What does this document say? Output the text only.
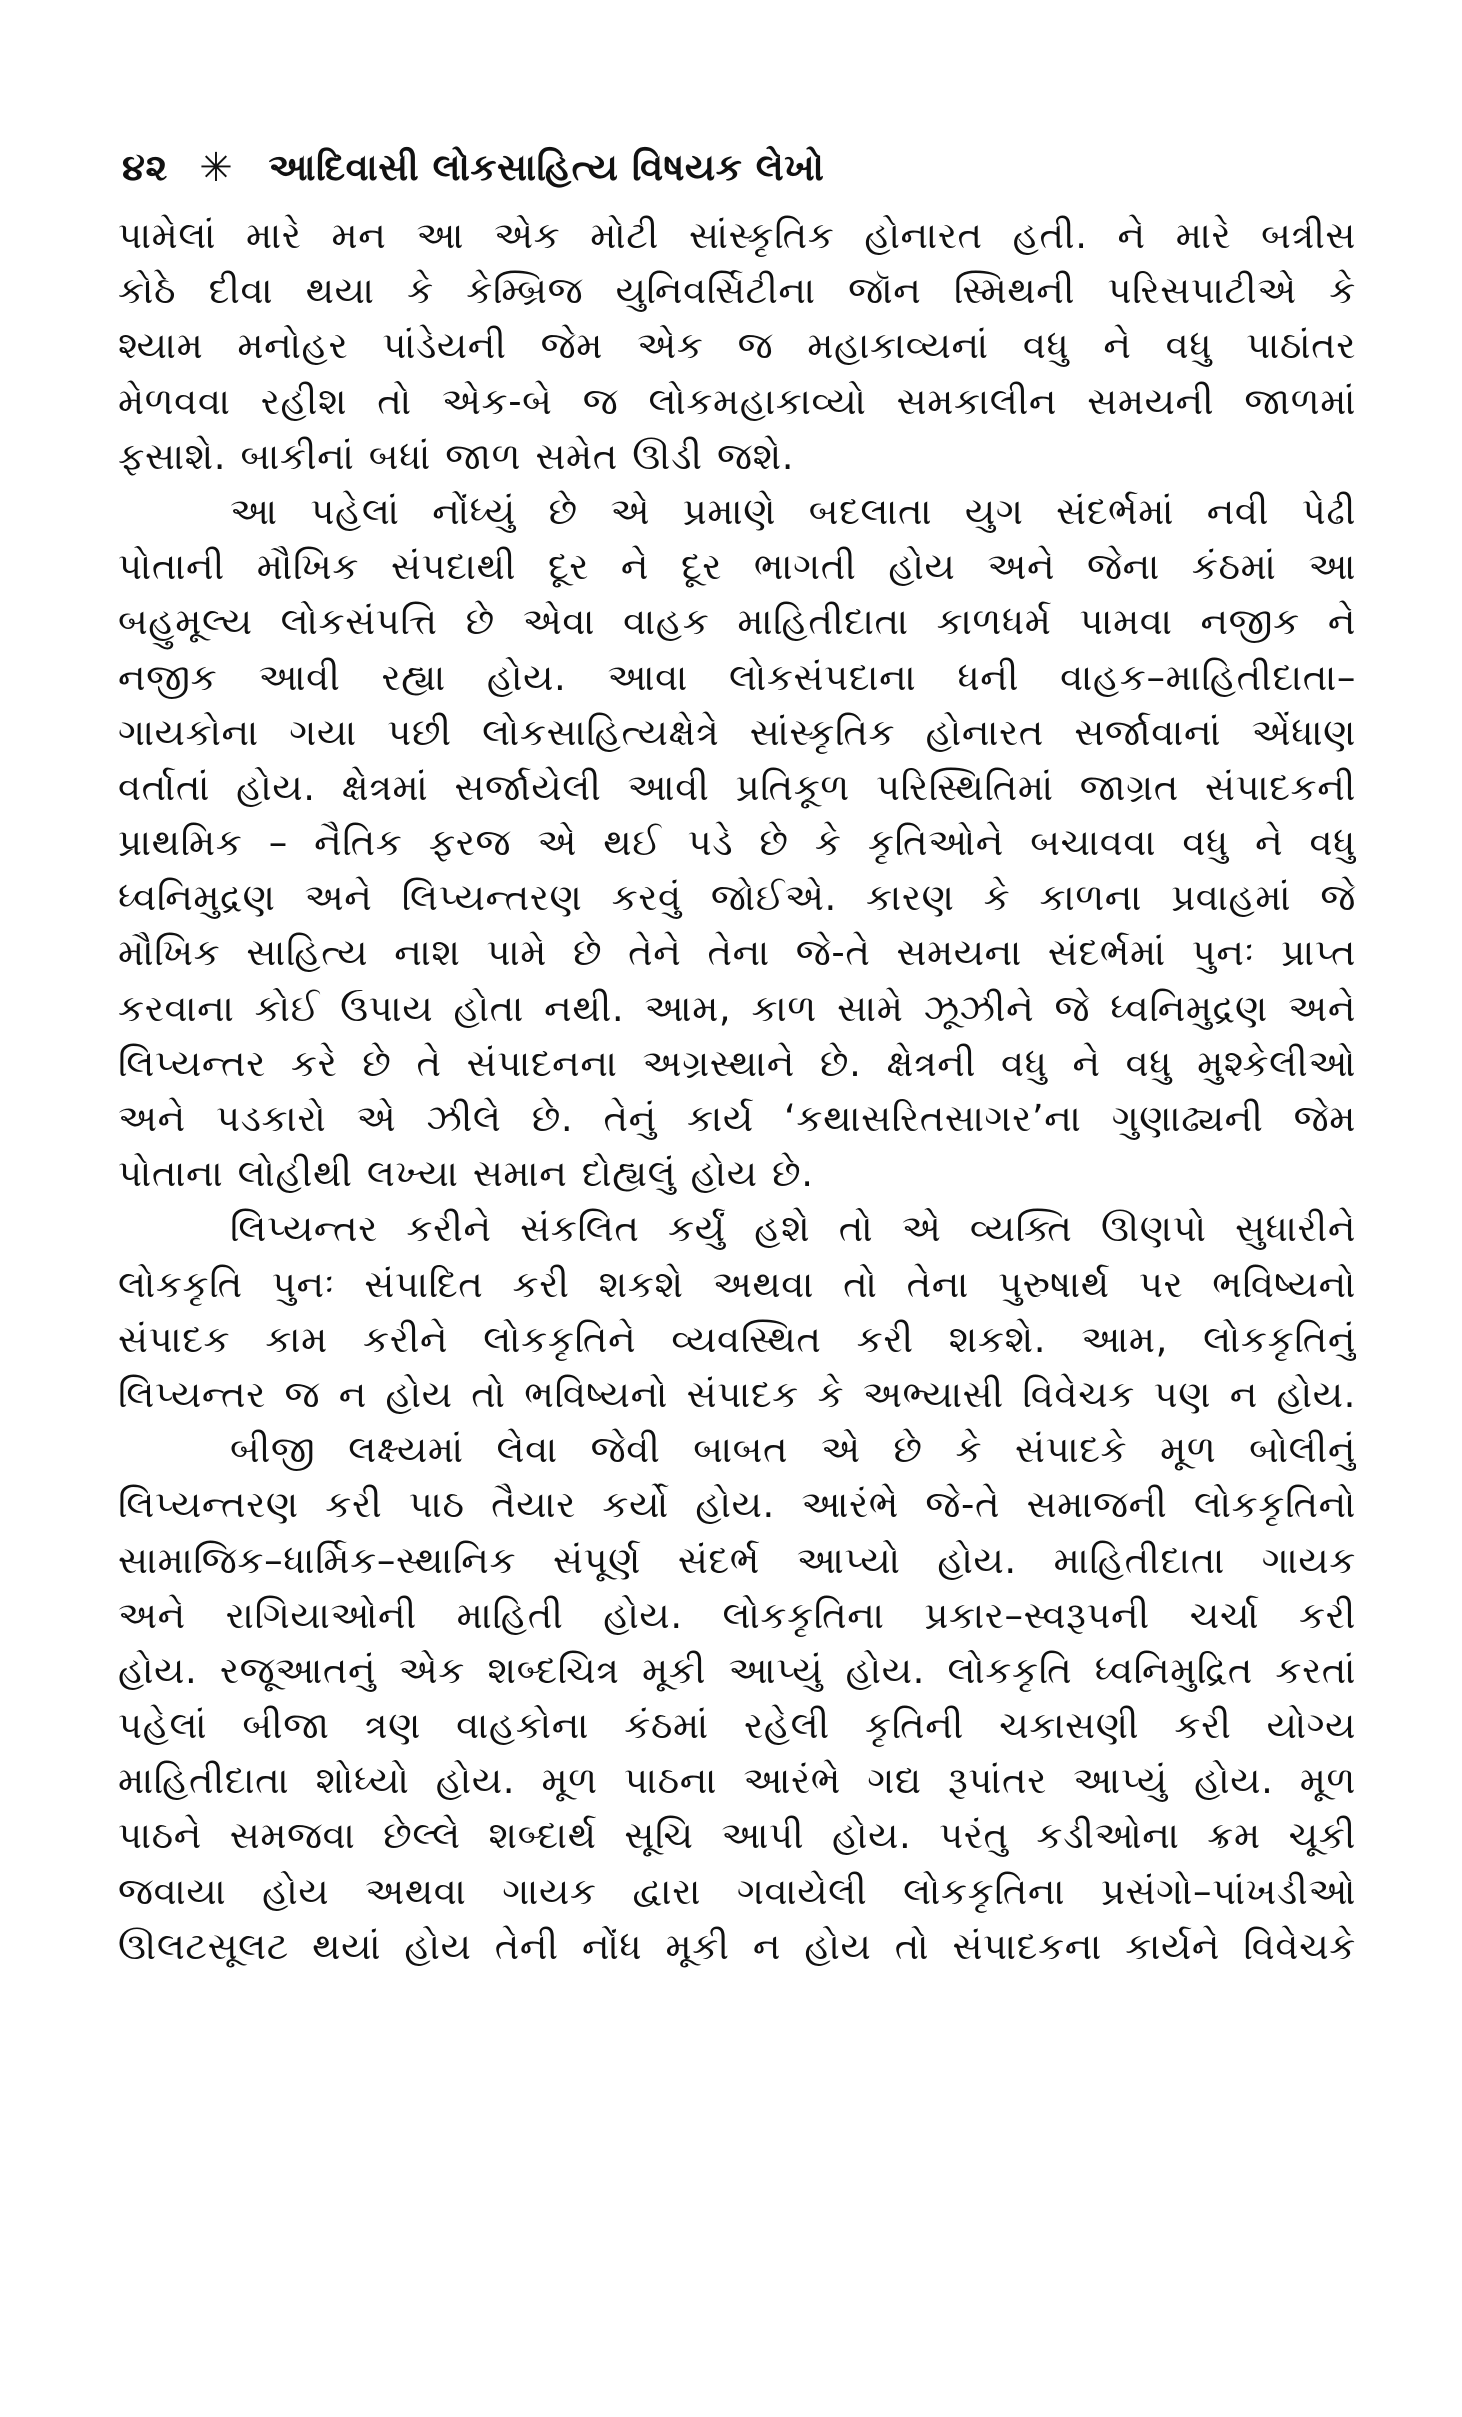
૪૨ ✳ આદિવાસી લોકસાહિત્ય વિષયક લેખો
પામેલાં મારે મન આ એક મોટી સાંસ્કૃતિક હોનારત હતી. ને મારે બત્રીસ
કોઠે દીવા થયા કે કેમ્બ્રિજ યુનિવર્સિટીના જૉન સ્મિથની પરિસપાટીએ કે
શ્યામ મનોહર પાંડેયની જેમ એક જ મહાકાવ્યનાં વધુ ને વધુ પાઠાંતર
મેળવવા રહીશ તો એક-બે જ લોકમહાકાવ્યો સમકાલીન સમયની જાળમાં
ફસાશે. બાકીનાં બધાં જાળ સમેત ઊડી જશે.
આ પહેલાં નોંધ્યું છે એ પ્રમાણે બદલાતા યુગ સંદર્ભમાં નવી પેઢી
પોતાની મૌખિક સંપદાથી દૂર ને દૂર ભાગતી હોય અને જેના કંઠમાં આ
બહુમૂલ્ય લોકસંપત્તિ છે એવા વાહક માહિતીદાતા કાળધર્મ પામવા નજીક ને
નજીક આવી રહ્યા હોય. આવા લોકસંપદાના ધની વાહક–માહિતીદાતા–
ગાયકોના ગયા પછી લોકસાહિત્યક્ષેત્રે સાંસ્કૃતિક હોનારત સર્જાવાનાં એંધાણ
વર્તાતાં હોય. ક્ષેત્રમાં સર્જાયેલી આવી પ્રતિકૂળ પરિસ્થિતિમાં જાગ્રત સંપાદકની
પ્રાથમિક – નૈતિક ફરજ એ થઈ પડે છે કે કૃતિઓને બચાવવા વધુ ને વધુ
ધ્વનિમુદ્રણ અને લિપ્યન્તરણ કરવું જોઈએ. કારણ કે કાળના પ્રવાહમાં જે
મૌખિક સાહિત્ય નાશ પામે છે તેને તેના જે-તે સમયના સંદર્ભમાં પુનઃ પ્રાપ્ત
કરવાના કોઈ ઉપાય હોતા નથી. આમ, કાળ સામે ઝૂઝીને જે ધ્વનિમુદ્રણ અને
લિપ્યન્તર કરે છે તે સંપાદનના અગ્રસ્થાને છે. ક્ષેત્રની વધુ ને વધુ મુશ્કેલીઓ
અને પડકારો એ ઝીલે છે. તેનું કાર્ય ‘કથાસરિતસાગર’ના ગુણાઢ્યની જેમ
પોતાના લોહીથી લખ્યા સમાન દોહ્યલું હોય છે.
લિપ્યન્તર કરીને સંકલિત કર્યું હશે તો એ વ્યક્તિ ઊણપો સુધારીને
લોકકૃતિ પુનઃ સંપાદિત કરી શકશે અથવા તો તેના પુરુષાર્થ પર ભવિષ્યનો
સંપાદક કામ કરીને લોકકૃતિને વ્યવસ્થિત કરી શકશે. આમ, લોકકૃતિનું
લિપ્યન્તર જ ન હોય તો ભવિષ્યનો સંપાદક કે અભ્યાસી વિવેચક પણ ન હોય.
બીજી લક્ષ્યમાં લેવા જેવી બાબત એ છે કે સંપાદકે મૂળ બોલીનું
લિપ્યન્તરણ કરી પાઠ તૈયાર કર્યો હોય. આરંભે જે-તે સમાજની લોકકૃતિનો
સામાજિક–ધાર્મિક–સ્થાનિક સંપૂર્ણ સંદર્ભ આપ્યો હોય. માહિતીદાતા ગાયક
અને રાગિયાઓની માહિતી હોય. લોકકૃતિના પ્રકાર–સ્વરૂપની ચર્ચા કરી
હોય. રજૂઆતનું એક શબ્દચિત્ર મૂકી આપ્યું હોય. લોકકૃતિ ધ્વનિમુદ્રિત કરતાં
પહેલાં બીજા ત્રણ વાહકોના કંઠમાં રહેલી કૃતિની ચકાસણી કરી યોગ્ય
માહિતીદાતા શોધ્યો હોય. મૂળ પાઠના આરંભે ગદ્ય રૂપાંતર આપ્યું હોય. મૂળ
પાઠને સમજવા છેલ્લે શબ્દાર્થ સૂચિ આપી હોય. પરંતુ કડીઓના ક્રમ ચૂકી
જવાયા હોય અથવા ગાયક દ્વારા ગવાયેલી લોકકૃતિના પ્રસંગો–પાંખડીઓ
ઊલટસૂલટ થયાં હોય તેની નોંધ મૂકી ન હોય તો સંપાદકના કાર્યને વિવેચકે
